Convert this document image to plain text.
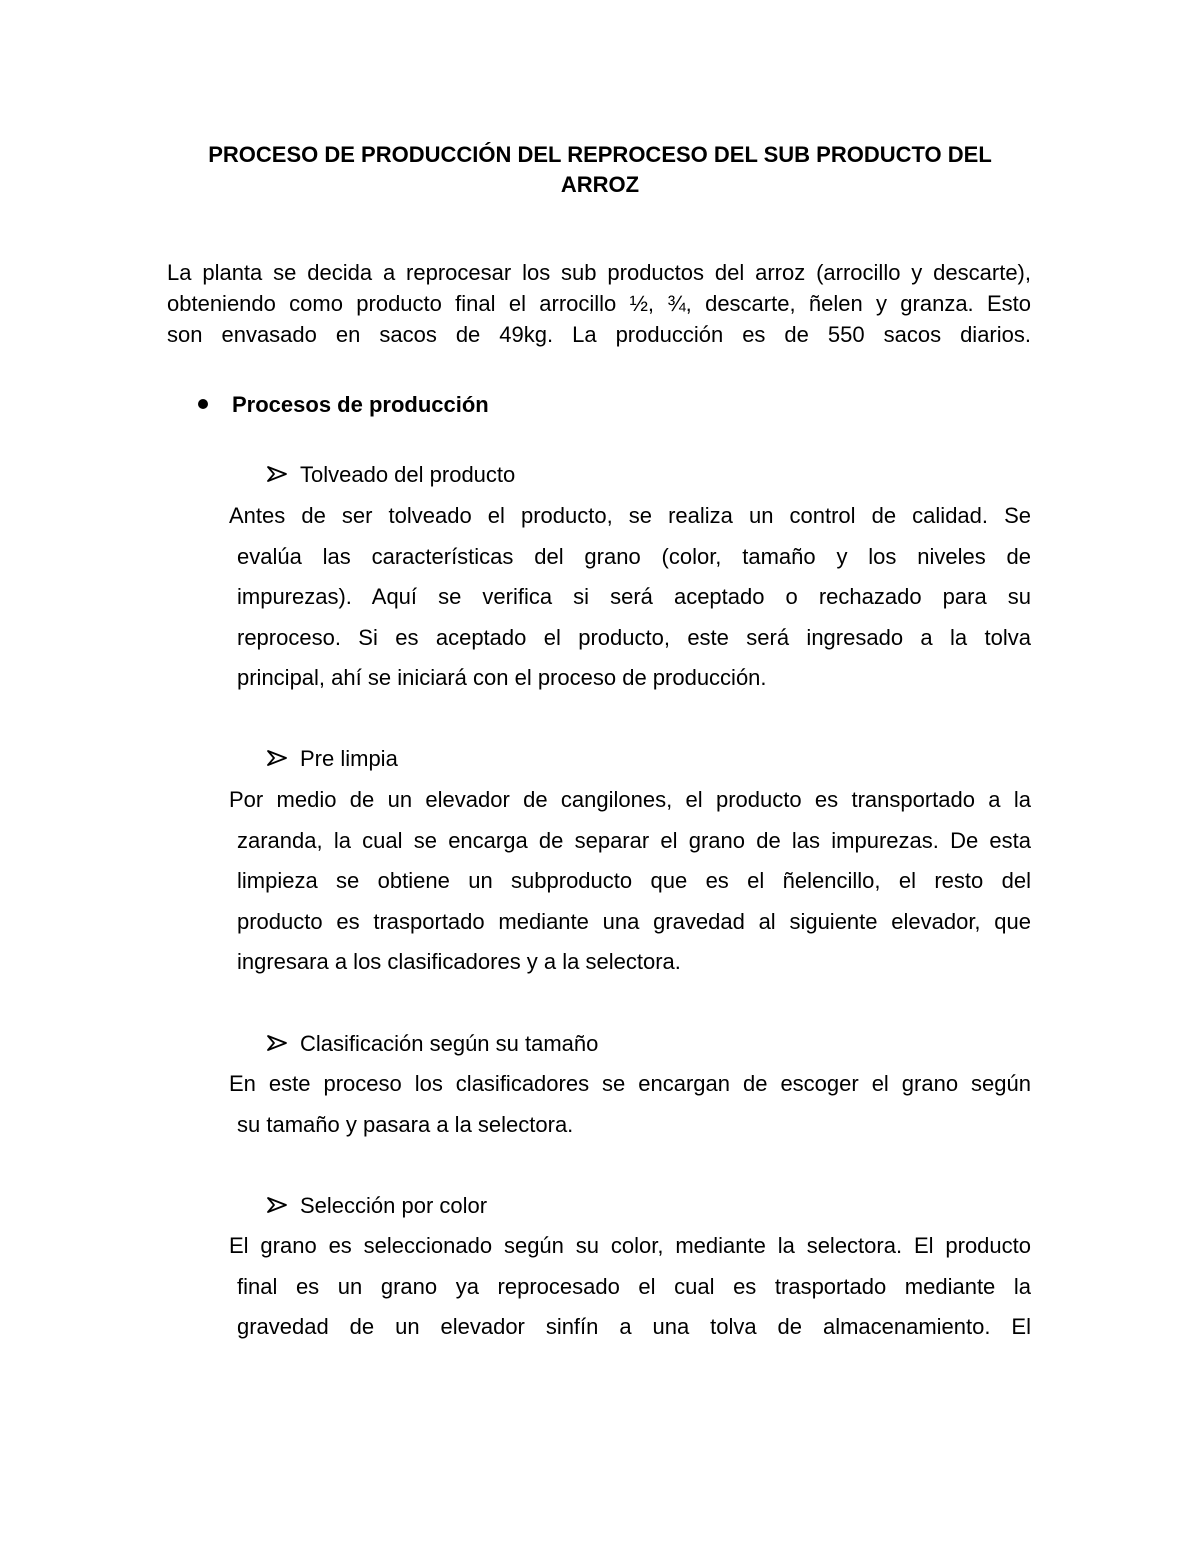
PROCESO DE PRODUCCIÓN DEL REPROCESO DEL SUB PRODUCTO DEL
ARROZ
La planta se decida a reprocesar los sub productos del arroz (arrocillo y descarte),
obteniendo como producto final el arrocillo ½, ¾, descarte, ñelen y granza. Esto
son envasado en sacos de 49kg. La producción es de 550 sacos diarios.
Procesos de producción
Tolveado del producto
Antes de ser tolveado el producto, se realiza un control de calidad. Se
evalúa las características del grano (color, tamaño y los niveles de
impurezas). Aquí se verifica si será aceptado o rechazado para su
reproceso. Si es aceptado el producto, este será ingresado a la tolva
principal, ahí se iniciará con el proceso de producción.
Pre limpia
Por medio de un elevador de cangilones, el producto es transportado a la
zaranda, la cual se encarga de separar el grano de las impurezas. De esta
limpieza se obtiene un subproducto que es el ñelencillo, el resto del
producto es trasportado mediante una gravedad al siguiente elevador, que
ingresara a los clasificadores y a la selectora.
Clasificación según su tamaño
En este proceso los clasificadores se encargan de escoger el grano según
su tamaño y pasara a la selectora.
Selección por color
El grano es seleccionado según su color, mediante la selectora. El producto
final es un grano ya reprocesado el cual es trasportado mediante la
gravedad de un elevador sinfín a una tolva de almacenamiento. El
